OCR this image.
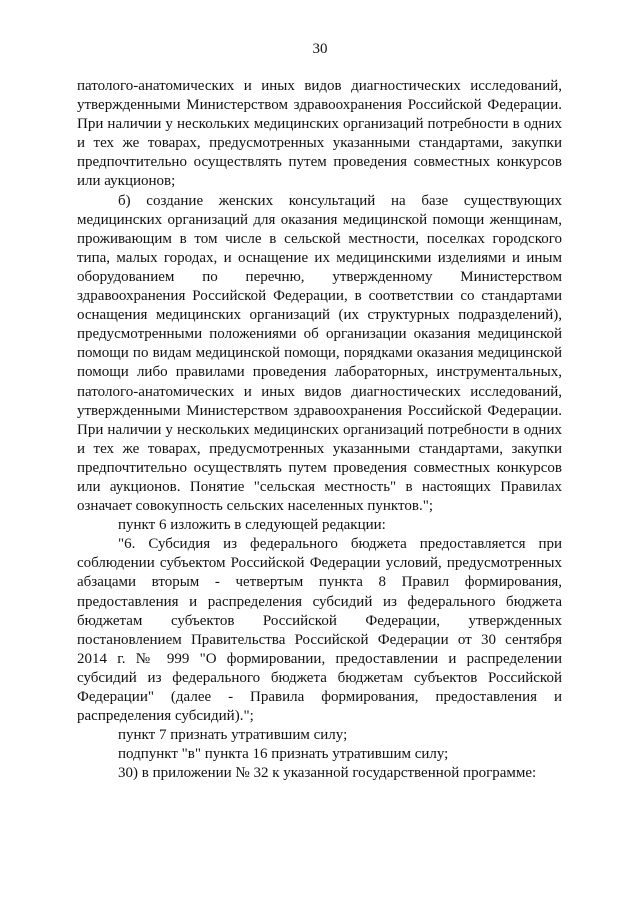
30

патолого-анатомических и иных видов диагностических исследований, утвержденными Министерством здравоохранения Российской Федерации. При наличии у нескольких медицинских организаций потребности в одних и тех же товарах, предусмотренных указанными стандартами, закупки предпочтительно осуществлять путем проведения совместных конкурсов или аукционов;

б) создание женских консультаций на базе существующих медицинских организаций для оказания медицинской помощи женщинам, проживающим в том числе в сельской местности, поселках городского типа, малых городах, и оснащение их медицинскими изделиями и иным оборудованием по перечню, утвержденному Министерством здравоохранения Российской Федерации, в соответствии со стандартами оснащения медицинских организаций (их структурных подразделений), предусмотренными положениями об организации оказания медицинской помощи по видам медицинской помощи, порядками оказания медицинской помощи либо правилами проведения лабораторных, инструментальных, патолого-анатомических и иных видов диагностических исследований, утвержденными Министерством здравоохранения Российской Федерации. При наличии у нескольких медицинских организаций потребности в одних и тех же товарах, предусмотренных указанными стандартами, закупки предпочтительно осуществлять путем проведения совместных конкурсов или аукционов. Понятие "сельская местность" в настоящих Правилах означает совокупность сельских населенных пунктов.";

пункт 6 изложить в следующей редакции:

"6. Субсидия из федерального бюджета предоставляется при соблюдении субъектом Российской Федерации условий, предусмотренных абзацами вторым - четвертым пункта 8 Правил формирования, предоставления и распределения субсидий из федерального бюджета бюджетам субъектов Российской Федерации, утвержденных постановлением Правительства Российской Федерации от 30 сентября 2014 г. № 999 "О формировании, предоставлении и распределении субсидий из федерального бюджета бюджетам субъектов Российской Федерации" (далее - Правила формирования, предоставления и распределения субсидий).";

пункт 7 признать утратившим силу;

подпункт "в" пункта 16 признать утратившим силу;

30) в приложении № 32 к указанной государственной программе:
